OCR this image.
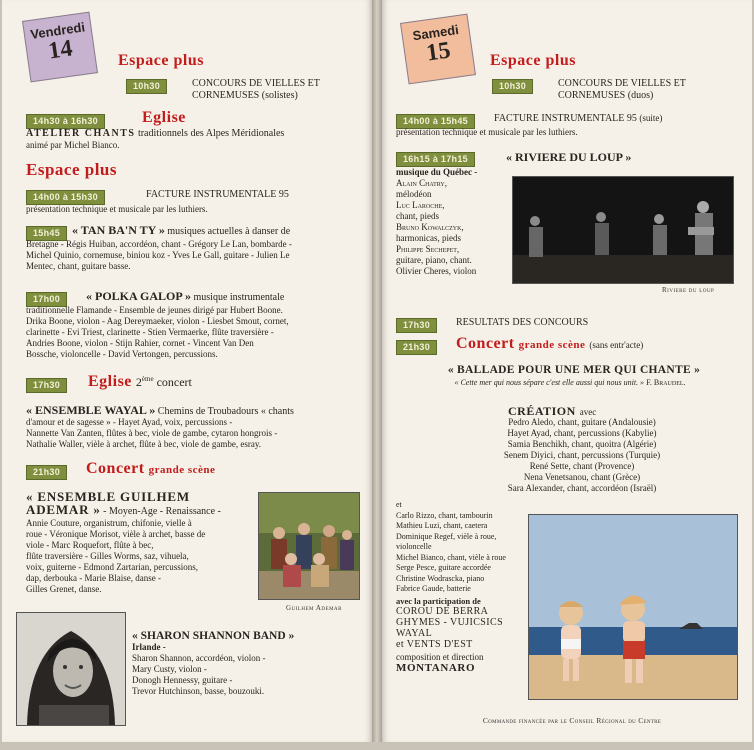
Vendredi
14	Espace plus
10h30	CONCOURS DE VIELLES ET CORNEMUSES (solistes)
14h30 à 16h30	Eglise
ATELIER CHANTS traditionnels des Alpes Méridionales
animé par Michel Bianco.
Espace plus
14h00 à 15h30	FACTURE INSTRUMENTALE 95
présentation technique et musicale par les luthiers.
15h45 « TAN BA'N TY » musiques actuelles à danser de
Bretagne - Régis Huiban, accordéon, chant - Grégory Le Lan, bombarde -
Michel Quinio, cornemuse, biniou koz - Yves Le Gall, guitare - Julien Le
Mentec, chant, guitare basse.
17h00	« POLKA GALOP » musique instrumentale
traditionnelle Flamande - Ensemble de jeunes dirigé par Hubert Boone.
Drika Boone, violon - Aag Dereymaeker, violon - Liesbet Smout, cornet,
clarinette - Evi Triest, clarinette - Stien Vermaerke, flûte traversière -
Andries Boone, violon - Stijn Rahier, cornet - Vincent Van Den
Bossche, violoncelle - David Vertongen, percussions.
17h30	Eglise 2ème concert
« ENSEMBLE WAYAL » Chemins de Troubadours « chants
d'amour et de sagesse » - Hayet Ayad, voix, percussions -
Nannette Van Zanten, flûtes à bec, viole de gambe, cytaron hongrois -
Nathalie Waller, vièle à archet, flûte à bec, viole de gambe, esray.
21h30	Concert grande scène
« ENSEMBLE GUILHEM
ADEMAR » - Moyen-Age - Renaissance -
Annie Couture, organistrum, chifonie, vielle à
roue - Véronique Morisot, vièle à archet, basse de
viole - Marc Roquefort, flûte à bec,
flûte traversière - Gilles Worms, saz, vihuela,
voix, guiterne - Edmond Zartarian, percussions,
dap, derbouka - Marie Blaise, danse -
Gilles Grenet, danse.
Guilhem Ademar
« SHARON SHANNON BAND »
Irlande -
Sharon Shannon, accordéon, violon -
Mary Custy, violon -
Donogh Hennessy, guitare -
Trevor Hutchinson, basse, bouzouki.
Samedi
15	Espace plus
10h30	CONCOURS DE VIELLES ET CORNEMUSES (duos)
14h00 à 15h45	FACTURE INSTRUMENTALE 95 (suite)
présentation technique et musicale par les luthiers.
16h15 à 17h15	« RIVIERE DU LOUP »
musique du Québec -
Alain Chatry,
mélodéon
Luc Laroche,
chant, pieds
Bruno Kowalczyk,
harmonicas, pieds
Philippe Sechepet,
guitare, piano, chant.
Olivier Cheres, violon
Riviere du loup
17h30	RESULTATS DES CONCOURS
21h30	Concert grande scène (sans entr'acte)
« BALLADE POUR UNE MER QUI CHANTE »
« Cette mer qui nous sépare c'est elle aussi qui nous unit. » F. Braudel.
CRÉATION avec
Pedro Aledo, chant, guitare (Andalousie)
Hayet Ayad, chant, percussions (Kabylie)
Samia Benchikh, chant, quoitra (Algérie)
Senem Diyici, chant, percussions (Turquie)
René Sette, chant (Provence)
Nena Venetsanou, chant (Grèce)
Sara Alexander, chant, accordéon (Israël)
et
Carlo Rizzo, chant, tambourin
Mathieu Luzi, chant, caetera
Dominique Regef, vièle à roue,
violoncelle
Michel Bianco, chant, vièle à roue
Serge Pesce, guitare accordée
Christine Wodrascka, piano
Fabrice Gaude, batterie
avec la participation de
COROU DE BERRA
GHYMES - VUJICSICS
WAYAL
et VENTS D'EST
composition et direction
MONTANARO
Commande financée par le Conseil Régional du Centre
